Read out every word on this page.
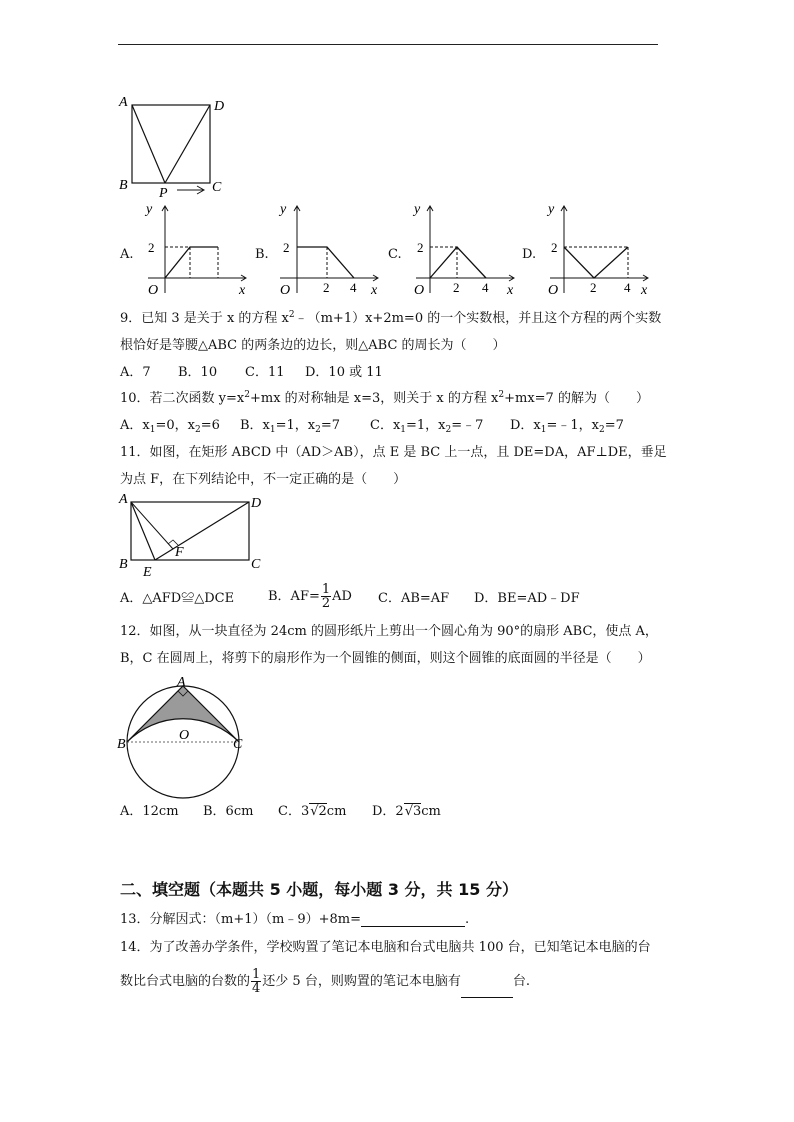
A	D
B	C
P
A.
y
2
O	x
B.
y
2
O	2 4 x
C.
y
2
O 2 4 x
D.
y
2
O 2 4 x
9．已知 3 是关于 x 的方程 $x^2﹣(m+1)x+2m=0$ 的一个实数根，并且这个方程的两个实数
根恰好是等腰△ABC 的两条边的边长，则△ABC 的周长为（　　）
A．7 B．10 C．11 D．10 或 11
10．若二次函数 $y=x^2+mx$ 的对称轴是 x=3，则关于 x 的方程 $x^2+mx=7$ 的解为（　　）
A．$x_1=0$，$x_2=6$ B．$x_1=1$，$x_2=7$ C．$x_1=1$，$x_2=﹣7$ D．$x_1=﹣1$，$x_2=7$
11．如图，在矩形 ABCD 中（AD＞AB），点 E 是 BC 上一点，且 DE=DA，AF⊥DE，垂足
为点 F，在下列结论中，不一定正确的是（　　）
A	D
B	C
E
F
A．△AFD≌△DCE	B．$AF= \frac{1}{2}$ AD C．AB=AF D．BE=AD﹣DF
12．如图，从一块直径为 24cm 的圆形纸片上剪出一个圆心角为 90°的扇形 ABC，使点 A，
B，C 在圆周上，将剪下的扇形作为一个圆锥的侧面，则这个圆锥的底面圆的半径是（　　）
A
B	C
O
A．12cm B．6cm C．3√2cm D．2√3cm
二、填空题（本题共 5 小题，每小题 3 分，共 15 分）
13．分解因式：（m+1）（m﹣9）+8m=	.
14．为了改善办学条件，学校购置了笔记本电脑和台式电脑共 100 台，已知笔记本电脑的台
数比台式电脑的台数的 $\frac{1}{4}$ 还少 5 台，则购置的笔记本电脑有	台.
